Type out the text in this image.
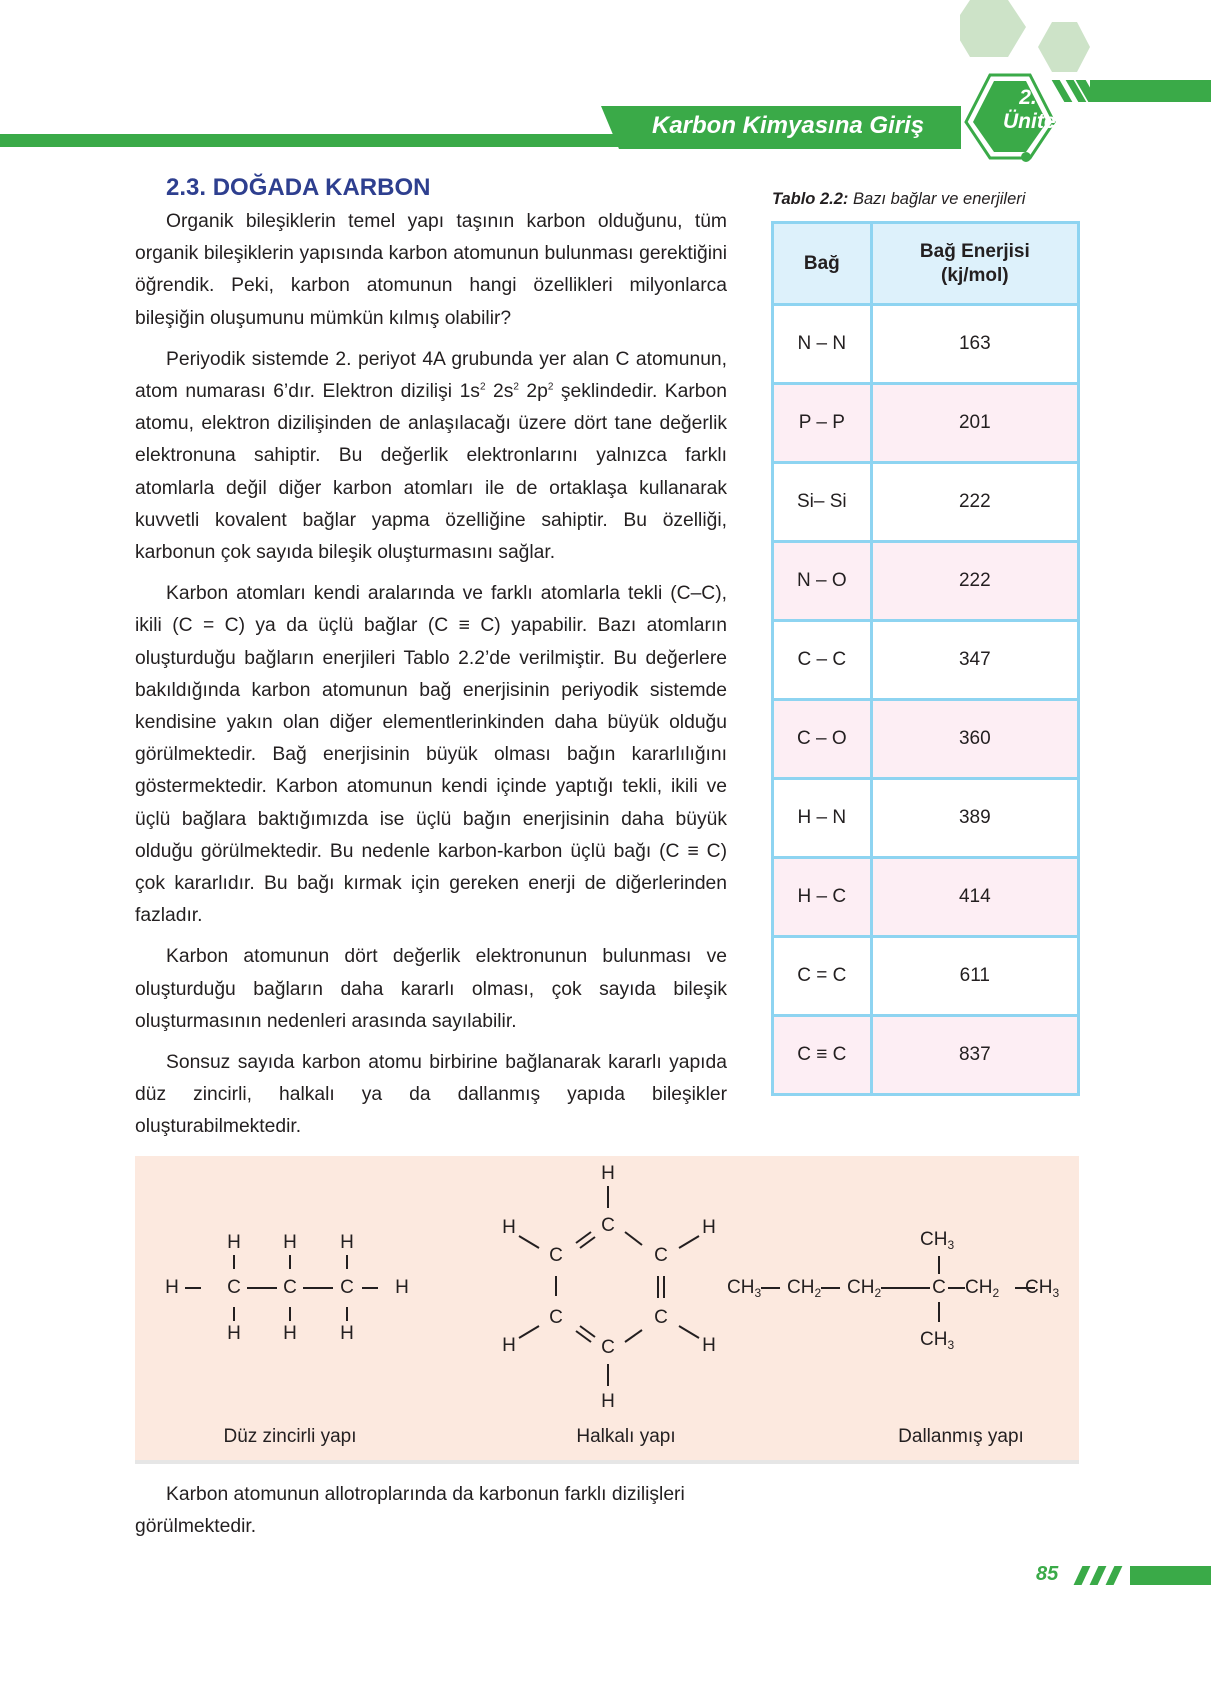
Karbon Kimyasına Giriş
2.
Ünite
2.3. DOĞADA KARBON

Organik bileşiklerin temel yapı taşının karbon olduğunu, tüm organik bileşiklerin yapısında karbon atomunun bulunması gerektiğini öğrendik. Peki, karbon atomunun hangi özellikleri milyonlarca bileşiğin oluşumunu mümkün kılmış olabilir?

Periyodik sistemde 2. periyot 4A grubunda yer alan C atomunun, atom numarası 6’dır. Elektron dizilişi $1s^2$ $2s^2$ $2p^2$ şeklindedir. Karbon atomu, elektron dizilişinden de anlaşılacağı üzere dört tane değerlik elektronuna sahiptir. Bu değerlik elektronlarını yalnızca farklı atomlarla değil diğer karbon atomları ile de ortaklaşa kullanarak kuvvetli kovalent bağlar yapma özelliğine sahiptir. Bu özelliği, karbonun çok sayıda bileşik oluşturmasını sağlar.

Karbon atomları kendi aralarında ve farklı atomlarla tekli (C–C), ikili (C = C) ya da üçlü bağlar (C ≡ C) yapabilir. Bazı atomların oluşturduğu bağların enerjileri Tablo 2.2’de verilmiştir. Bu değerlere bakıldığında karbon atomunun bağ enerjisinin periyodik sistemde kendisine yakın olan diğer elementlerinkinden daha büyük olduğu görülmektedir. Bağ enerjisinin büyük olması bağın kararlılığını göstermektedir. Karbon atomunun kendi içinde yaptığı tekli, ikili ve üçlü bağlara baktığımızda ise üçlü bağın enerjisinin daha büyük olduğu görülmektedir. Bu nedenle karbon-karbon üçlü bağı (C ≡ C) çok kararlıdır. Bu bağı kırmak için gereken enerji de diğerlerinden fazladır.

Karbon atomunun dört değerlik elektronunun bulunması ve oluşturduğu bağların daha kararlı olması, çok sayıda bileşik oluşturmasının nedenleri arasında sayılabilir.

Sonsuz sayıda karbon atomu birbirine bağlanarak kararlı yapıda düz zincirli, halkalı ya da dallanmış yapıda bileşikler oluşturabilmektedir.

Tablo 2.2: Bazı bağlar ve enerjileri
Bağ	Bağ Enerjisi
(kj/mol)
N – N	163
P – P	201
Si– Si	222
N – O	222
C – C	347
C – O	360
H – N	389
H – C	414
C = C	611
C ≡ C	837
H	H
C
H
H
C
H
H
C
H
H
H
C
C	C
C	C
C
H
H	H
H	H
$CH_3$ $CH_2$ $CH_2$	$CH_2$ $CH_3$
$CH_3$
$CH_3$
C
Düz zincirli yapı	Halkalı yapı	Dallanmış yapı

Karbon atomunun allotroplarında da karbonun farklı dizilişleri görülmektedir.

85
